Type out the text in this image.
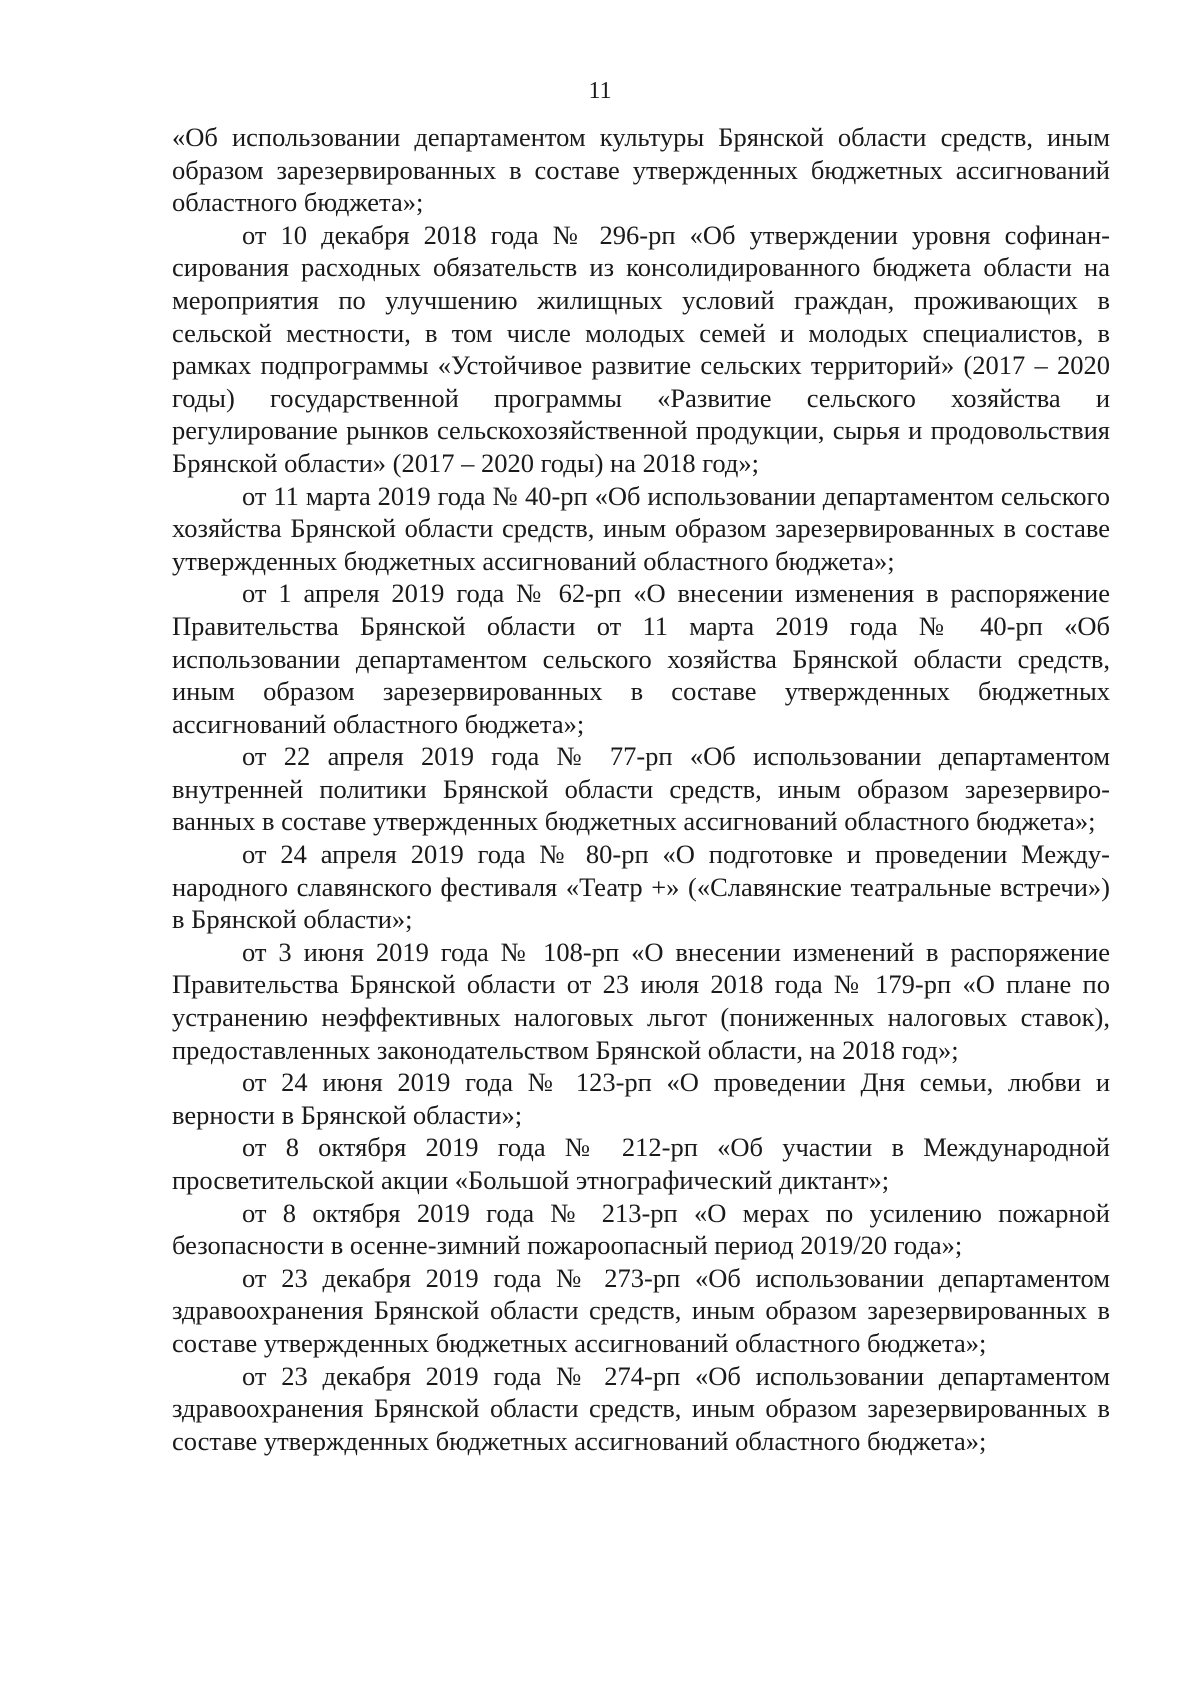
11

«Об использовании департаментом культуры Брянской области средств, иным образом зарезервированных в составе утвержденных бюджетных ассигнований областного бюджета»;

от 10 декабря 2018 года № 296-рп «Об утверждении уровня софинансирования расходных обязательств из консолидированного бюджета области на мероприятия по улучшению жилищных условий граждан, проживающих в сельской местности, в том числе молодых семей и молодых специалистов, в рамках подпрограммы «Устойчивое развитие сельских территорий» (2017 – 2020 годы) государственной программы «Развитие сельского хозяйства и регулирование рынков сельскохозяйственной продукции, сырья и продовольствия Брянской области» (2017 – 2020 годы) на 2018 год»;

от 11 марта 2019 года № 40-рп «Об использовании департаментом сельского хозяйства Брянской области средств, иным образом зарезервированных в составе утвержденных бюджетных ассигнований областного бюджета»;

от 1 апреля 2019 года № 62-рп «О внесении изменения в распоряжение Правительства Брянской области от 11 марта 2019 года № 40-рп «Об использовании департаментом сельского хозяйства Брянской области средств, иным образом зарезервированных в составе утвержденных бюджетных ассигнований областного бюджета»;

от 22 апреля 2019 года № 77-рп «Об использовании департаментом внутренней политики Брянской области средств, иным образом зарезервированных в составе утвержденных бюджетных ассигнований областного бюджета»;

от 24 апреля 2019 года № 80-рп «О подготовке и проведении Международного славянского фестиваля «Театр +» («Славянские театральные встречи») в Брянской области»;

от 3 июня 2019 года № 108-рп «О внесении изменений в распоряжение Правительства Брянской области от 23 июля 2018 года № 179-рп «О плане по устранению неэффективных налоговых льгот (пониженных налоговых ставок), предоставленных законодательством Брянской области, на 2018 год»;

от 24 июня 2019 года № 123-рп «О проведении Дня семьи, любви и верности в Брянской области»;

от 8 октября 2019 года № 212-рп «Об участии в Международной просветительской акции «Большой этнографический диктант»;

от 8 октября 2019 года № 213-рп «О мерах по усилению пожарной безопасности в осенне-зимний пожароопасный период 2019/20 года»;

от 23 декабря 2019 года № 273-рп «Об использовании департаментом здравоохранения Брянской области средств, иным образом зарезервированных в составе утвержденных бюджетных ассигнований областного бюджета»;

от 23 декабря 2019 года № 274-рп «Об использовании департаментом здравоохранения Брянской области средств, иным образом зарезервированных в составе утвержденных бюджетных ассигнований областного бюджета»;
